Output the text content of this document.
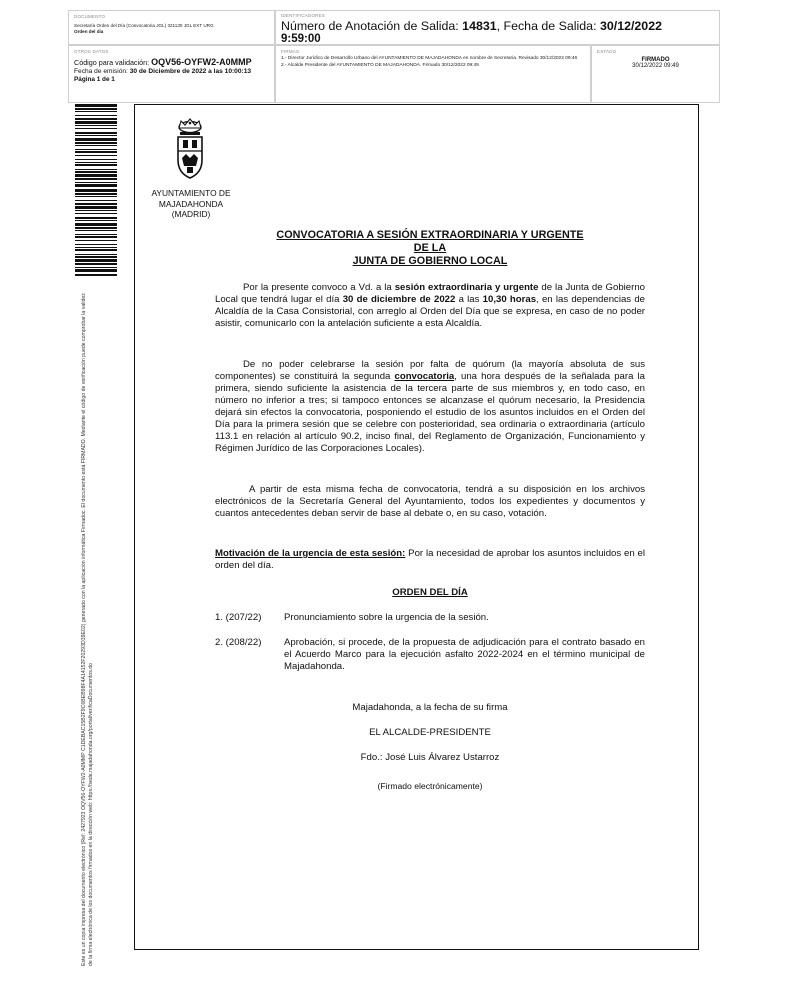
DOCUMENTO
Secretaría Orden del Día (Convocatoria JGL) 321130 JGL EXT URG
Orden del día
IDENTIFICADORES
Número de Anotación de Salida: 14831, Fecha de Salida: 30/12/2022
9:59:00
OTROS DATOS
Código para validación: OQV56-OYFW2-A0MMP
Fecha de emisión: 30 de Diciembre de 2022 a las 10:00:13
Página 1 de 1
FIRMAS
1.- Director Jurídico de Desarrollo Urbano del AYUNTAMIENTO DE MAJADAHONDA en nombre de Secretaria. Revisado 30/12/2022 09:46
2.- Alcalde Presidente del AYUNTAMIENTO DE MAJADAHONDA. Firmado 30/12/2022 09:49
ESTADO
FIRMADO
30/12/2022 09:49
Este es un copia impresa del documento electrónico (Ref: 2427923 OQV56-OYFW2-A0MMP C1DEBAC15B2F9C6BEB98F4A14152F20293D39E02) generado con la aplicación informática Firmadoc. El documento está FIRMADO. Mediante el código de verificación puede comprobar la validez de la firma electrónica de los documentos firmados en la dirección web: https://sede.majadahonda.org/portal/verificaDocumentos.do
AYUNTAMIENTO DE
MAJADAHONDA
(MADRID)
CONVOCATORIA A SESIÓN EXTRAORDINARIA Y URGENTE
DE LA
JUNTA DE GOBIERNO LOCAL

Por la presente convoco a Vd. a la sesión extraordinaria y urgente de la Junta de Gobierno Local que tendrá lugar el día 30 de diciembre de 2022 a las 10,30 horas, en las dependencias de Alcaldía de la Casa Consistorial, con arreglo al Orden del Día que se expresa, en caso de no poder asistir, comunicarlo con la antelación suficiente a esta Alcaldía.

De no poder celebrarse la sesión por falta de quórum (la mayoría absoluta de sus componentes) se constituirá la segunda convocatoria, una hora después de la señalada para la primera, siendo suficiente la asistencia de la tercera parte de sus miembros y, en todo caso, en número no inferior a tres; si tampoco entonces se alcanzase el quórum necesario, la Presidencia dejará sin efectos la convocatoria, posponiendo el estudio de los asuntos incluidos en el Orden del Día para la primera sesión que se celebre con posterioridad, sea ordinaria o extraordinaria (artículo 113.1 en relación al artículo 90.2, inciso final, del Reglamento de Organización, Funcionamiento y Régimen Jurídico de las Corporaciones Locales).

A partir de esta misma fecha de convocatoria, tendrá a su disposición en los archivos electrónicos de la Secretaría General del Ayuntamiento, todos los expedientes y documentos y cuantos antecedentes deban servir de base al debate o, en su caso, votación.

Motivación de la urgencia de esta sesión: Por la necesidad de aprobar los asuntos incluidos en el orden del día.

ORDEN DEL DÍA
1. (207/22) Pronunciamiento sobre la urgencia de la sesión.
2. (208/22) Aprobación, si procede, de la propuesta de adjudicación para el contrato basado en el Acuerdo Marco para la ejecución asfalto 2022-2024 en el término municipal de Majadahonda.
Majadahonda, a la fecha de su firma
EL ALCALDE-PRESIDENTE
Fdo.: José Luis Álvarez Ustarroz
(Firmado electrónicamente)
